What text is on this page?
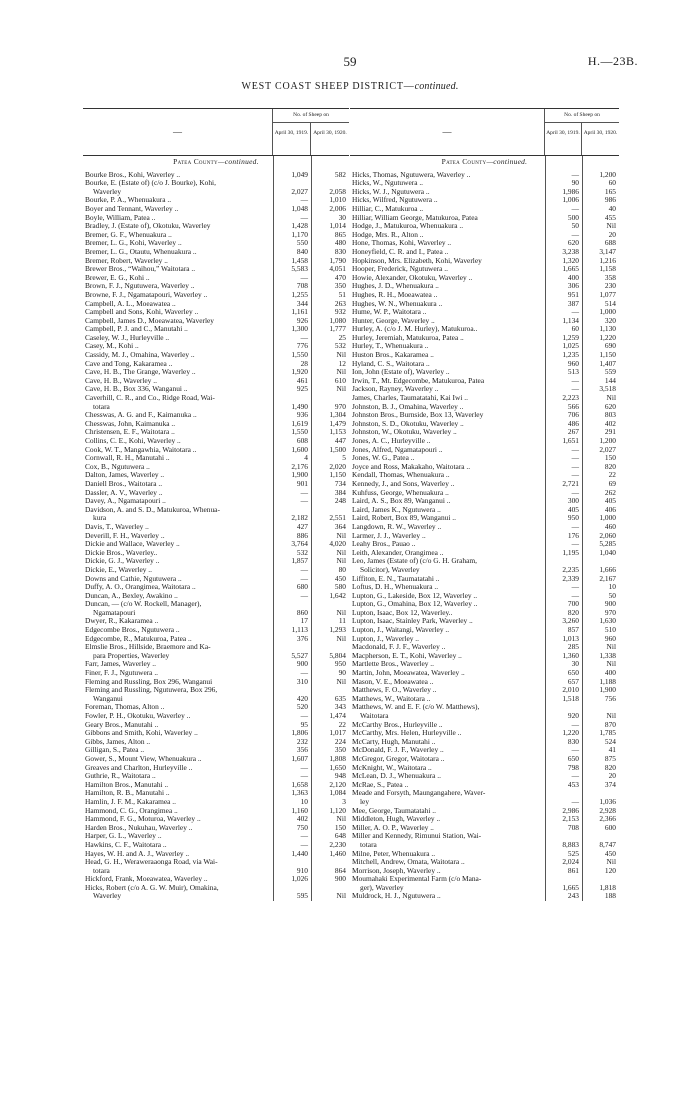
59	H.—23B.
WEST COAST SHEEP DISTRICT—continued.
—
No. of Sheep on
April 30, 1919. April 30, 1920.
Patea County—continued.
Bourke Bros., Kohi, Waverley ..	1,049	582
Bourke, E. (Estate of) (c/o J. Bourke), Kohi,
Waverley	2,027	2,058
Bourke, P. A., Whenuakura ..	—	1,010
Boyer and Tennant, Waverley ..	1,048	2,006
Boyle, William, Patea ..	—	30
Bradley, J. (Estate of), Okotuku, Waverley	1,428	1,014
Bremer, G. F., Whenuakura ..	1,170	865
Bremer, L. G., Kohi, Waverley ..	550	480
Bremer, L. G., Otautu, Whenuakura ..	840	830
Bremer, Robert, Waverley ..	1,458	1,790
Brewer Bros., “Waihou,” Waitotara ..	5,583	4,051
Brewer, E. G., Kohi ..	—	470
Brown, F. J., Ngutuwera, Waverley ..	708	350
Browne, F. J., Ngamatapouri, Waverley ..	1,255	51
Campbell, A. L., Moeawatea ..	344	263
Campbell and Sons, Kohi, Waverley ..	1,161	932
Campbell, James D., Moeawatea, Waverley	926	1,080
Campbell, P. J. and C., Manutahi ..	1,300	1,777
Caseley, W. J., Hurleyville ..	—	25
Casey, M., Kohi ..	776	532
Cassidy, M. J., Omahina, Waverley ..	1,550	Nil
Cave and Tong, Kakaramea ..	28	12
Cave, H. B., The Grange, Waverley ..	1,920	Nil
Cave, H. B., Waverley ..	461	610
Cave, H. B., Box 336, Wanganui ..	925	Nil
Caverhill, C. R., and Co., Ridge Road, Wai-
totara	1,490	970
Chesswas, A. G. and F., Kaimanuka ..	936	1,304
Chesswas, John, Kaimanuka ..	1,619	1,479
Christensen, E. F., Waitotara ..	1,550	1,153
Collins, C. E., Kohi, Waverley ..	608	447
Cook, W. T., Mangawhia, Waitotara ..	1,600	1,500
Cornwall, R. H., Manutahi ..	4	5
Cox, B., Ngutuwera ..	2,176	2,020
Dalton, James, Waverley ..	1,900	1,150
Daniell Bros., Waitotara ..	901	734
Dassler, A. V., Waverley ..	—	384
Davey, A., Ngamatapouri ..	—	248
Davidson, A. and S. D., Matukuroa, Whenua-
kura	2,182	2,551
Davis, T., Waverley ..	427	364
Deverill, F. H., Waverley ..	886	Nil
Dickie and Wallace, Waverley ..	3,764	4,020
Dickie Bros., Waverley..	532	Nil
Dickie, G. J., Waverley ..	1,857	Nil
Dickie, E., Waverley ..	—	80
Downs and Cathie, Ngutuwera ..	—	450
Duffy, A. O., Orangimea, Waitotara ..	680	580
Duncan, A., Bexley, Awakino ..	—	1,642
Duncan, — (c/o W. Rockell, Manager),
Ngamatapouri	860	Nil
Dwyer, R., Kakaramea ..	17	11
Edgecombe Bros., Ngutuwera ..	1,113	1,293
Edgecombe, R., Matukuroa, Patea ..	376	Nil
Elmslie Bros., Hillside, Braemore and Ka-
para Properties, Waverley	5,527	5,804
Farr, James, Waverley ..	900	950
Finer, F. J., Ngutuwera ..	—	90
Fleming and Russling, Box 296, Wanganui	310	Nil
Fleming and Russling, Ngutuwera, Box 296,
Wanganui	420	635
Foreman, Thomas, Alton ..	520	343
Fowler, P. H., Okotuku, Waverley ..	—	1,474
Geary Bros., Manutahi ..	95	22
Gibbons and Smith, Kohi, Waverley ..	1,806	1,017
Gibbs, James, Alton ..	232	224
Gilligan, S., Patea ..	356	350
Gower, S., Mount View, Whenuakura ..	1,607	1,808
Greaves and Charlton, Hurleyville ..	—	1,650
Guthrie, R., Waitotara ..	—	948
Hamilton Bros., Manutahi ..	1,658	2,120
Hamilton, R. B., Manutahi ..	1,363	1,084
Hamlin, J. F. M., Kakaramea ..	10	3
Hammond, C. G., Orangimea ..	1,160	1,120
Hammond, F. G., Moturoa, Waverley ..	402	Nil
Harden Bros., Nukuhau, Waverley ..	750	150
Harper, G. L., Waverley ..	—	648
Hawkins, C. F., Waitotara ..	—	2,230
Hayes, W. H. and A. J., Waverley ..	1,440	1,460
Head, G. H., Weraweraaonga Road, via Wai-
totara	910	864
Hickford, Frank, Moeawatea, Waverley ..	1,026	900
Hicks, Robert (c/o A. G. W. Muir), Omakina,
Waverley	595	Nil
—
No. of Sheep on
April 30, 1919. April 30, 1920.
Patea County—continued.
Hicks, Thomas, Ngutuwera, Waverley ..	—	1,200
Hicks, W., Ngutuwera ..	90	60
Hicks, W. J., Ngutuwera ..	1,986	165
Hicks, Wilfred, Ngutuwera ..	1,006	986
Hilliar, C., Matukuroa ..	—	40
Hilliar, William George, Matukuroa, Patea	500	455
Hodge, J., Matukuroa, Whenuakura ..	50	Nil
Hodge, Mrs. R., Alton ..	—	20
Hone, Thomas, Kohi, Waverley ..	620	688
Honeyfield, C. R. and I., Patea ..	3,238	3,147
Hopkinson, Mrs. Elizabeth, Kohi, Waverley	1,320	1,216
Hooper, Frederick, Ngutuwera ..	1,665	1,158
Howie, Alexander, Okotuku, Waverley ..	400	358
Hughes, J. D., Whenuakura ..	306	230
Hughes, R. H., Moeawatea ..	951	1,077
Hughes, W. N., Whenuakura ..	387	514
Hume, W. P., Waitotara ..	—	1,000
Hunter, George, Waverley ..	1,134	320
Hurley, A. (c/o J. M. Hurley), Matukuroa..	60	1,130
Hurley, Jeremiah, Matukuroa, Patea ..	1,259	1,220
Hurley, T., Whenuakura ..	1,025	690
Huston Bros., Kakaramea ..	1,235	1,150
Hyland, C. S., Waitotara ..	960	1,407
Ion, John (Estate of), Waverley ..	513	559
Irwin, T., Mt. Edgecombe, Matukuroa, Patea	—	144
Jackson, Rayney, Waverley ..	—	3,518
James, Charles, Taumatatahi, Kai Iwi ..	2,223	Nil
Johnston, B. J., Omahina, Waverley ..	566	620
Johnston Bros., Burnside, Box 13, Waverley	706	803
Johnston, S. D., Okotuku, Waverley ..	486	402
Johnston, W., Okotuku, Waverley ..	267	291
Jones, A. C., Hurleyville ..	1,651	1,200
Jones, Alfred, Ngamatapouri ..	—	2,027
Jones, W. G., Patea ..	—	150
Joyce and Ross, Makakaho, Waitotara ..	—	820
Kendall, Thomas, Whenuakura ..	—	22
Kennedy, J., and Sons, Waverley ..	2,721	69
Kuhfuss, George, Whenuakura ..	—	262
Laird, A. S., Box 89, Wanganui ..	300	405
Laird, James K., Ngutuwera ..	405	406
Laird, Robert, Box 89, Wanganui ..	950	1,000
Langdown, R. W., Waverley ..	—	460
Larmer, J. J., Waverley ..	176	2,060
Leahy Bros., Pauao ..	—	5,285
Leith, Alexander, Orangimea ..	1,195	1,040
Leo, James (Estate of) (c/o G. H. Graham,
Solicitor), Waverley	2,235	1,666
Liffiton, E. N., Taumatatahi ..	2,339	2,167
Loftus, D. H., Whenuakura ..	—	10
Lupton, G., Lakeside, Box 12, Waverley ..	—	50
Lupton, G., Omahina, Box 12, Waverley ..	700	900
Lupton, Isaac, Box 12, Waverley..	820	970
Lupton, Isaac, Stainley Park, Waverley ..	3,260	1,630
Lupton, J., Waitangi, Waverley ..	857	510
Lupton, J., Waverley ..	1,013	960
Macdonald, F. J. F., Waverley ..	285	Nil
Macpherson, E. T., Kohi, Waverley ..	1,360	1,338
Martlette Bros., Waverley ..	30	Nil
Martin, John, Moeawatea, Waverley ..	650	400
Mason, V. E., Moeawatea ..	657	1,188
Matthews, F. O., Waverley ..	2,010	1,900
Matthews, W., Waitotara ..	1,518	756
Matthews, W. and E. F. (c/o W. Matthews),
Waitotara	920	Nil
McCarthy Bros., Hurleyville ..	—	870
McCarthy, Mrs. Helen, Hurleyville ..	1,220	1,785
McCarty, Hugh, Manutahi ..	830	524
McDonald, F. J. F., Waverley ..	—	41
McGregor, Gregor, Waitotara ..	650	875
McKnight, W., Waitotara ..	798	820
McLean, D. J., Whenuakura ..	—	20
McRae, S., Patea ..	453	374
Meade and Forsyth, Maungangahere, Waver-
ley	—	1,036
Mee, George, Taumatatahi ..	2,986	2,928
Middleton, Hugh, Waverley ..	2,153	2,366
Miller, A. O. P., Waverley ..	708	600
Miller and Kennedy, Rimunui Station, Wai-
totara	8,883	8,747
Milne, Peter, Whenuakura ..	525	450
Mitchell, Andrew, Omata, Waitotara ..	2,024	Nil
Morrison, Joseph, Waverley ..	861	120
Moumahaki Experimental Farm (c/o Mana-
ger), Waverley	1,665	1,818
Muldrock, H. J., Ngutuwera ..	243	188
